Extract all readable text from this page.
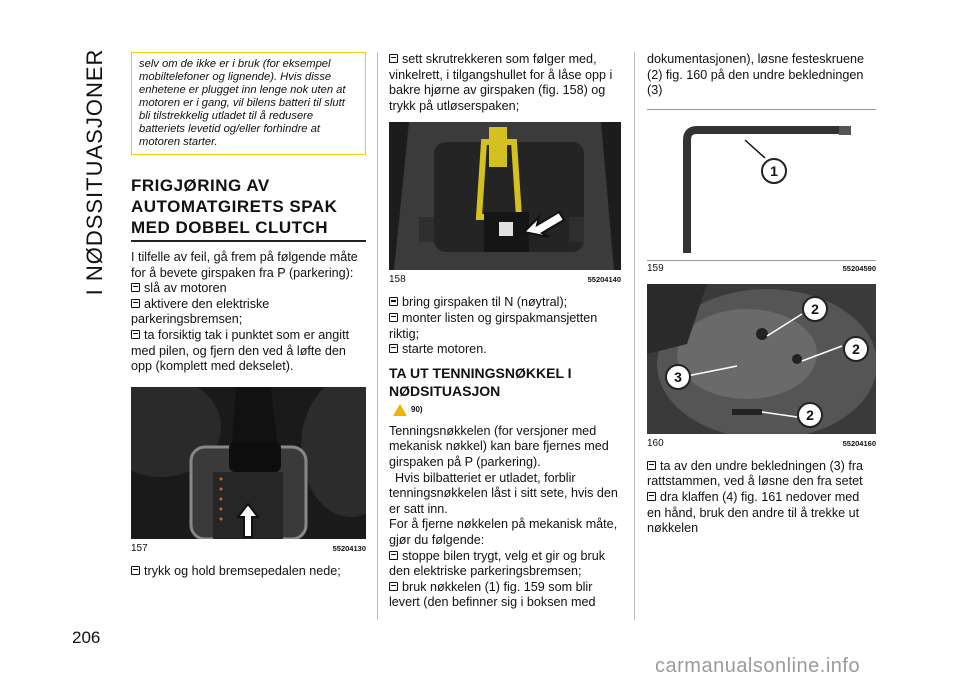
I NØDSSITUASJONER
206
selv om de ikke er i bruk (for eksempel mobiltelefoner og lignende). Hvis disse enhetene er plugget inn lenge nok uten at motoren er i gang, vil bilens batteri til slutt bli tilstrekkelig utladet til å redusere batteriets levetid og/eller forhindre at motoren starter.
FRIGJØRING AV AUTOMATGIRETS SPAK MED DOBBEL CLUTCH

I tilfelle av feil, gå frem på følgende måte for å bevete girspaken fra P (parkering):

slå av motoren
aktivere den elektriske parkeringsbremsen;
ta forsiktig tak i punktet som er angitt med pilen, og fjern den ved å løfte den opp (komplett med dekselet).
157	55204130
trykk og hold bremsepedalen nede;
sett skrutrekkeren som følger med, vinkelrett, i tilgangshullet for å låse opp i bakre hjørne av girspaken (fig. 158) og trykk på utløserspaken;
158	55204140
bring girspaken til N (nøytral);
monter listen og girspakmansjetten riktig;
starte motoren.
TA UT TENNINGSNØKKEL I NØDSITUASJON
90)

Tenningsnøkkelen (for versjoner med mekanisk nøkkel) kan bare fjernes med girspaken på P (parkering).

Hvis bilbatteriet er utladet, forblir tenningsnøkkelen låst i sitt sete, hvis den er satt inn.

For å fjerne nøkkelen på mekanisk måte, gjør du følgende:

stoppe bilen trygt, velg et gir og bruk den elektriske parkeringsbremsen;
bruk nøkkelen (1) fig. 159 som blir levert (den befinner sig i boksen med

dokumentasjonen), løsne festeskruene (2) fig. 160 på den undre bekledningen (3)

1
159	55204590
2
2
3
2
160	55204160
ta av den undre bekledningen (3) fra rattstammen, ved å løsne den fra setet
dra klaffen (4) fig. 161 nedover med en hånd, bruk den andre til å trekke ut nøkkelen
carmanualsonline.info
